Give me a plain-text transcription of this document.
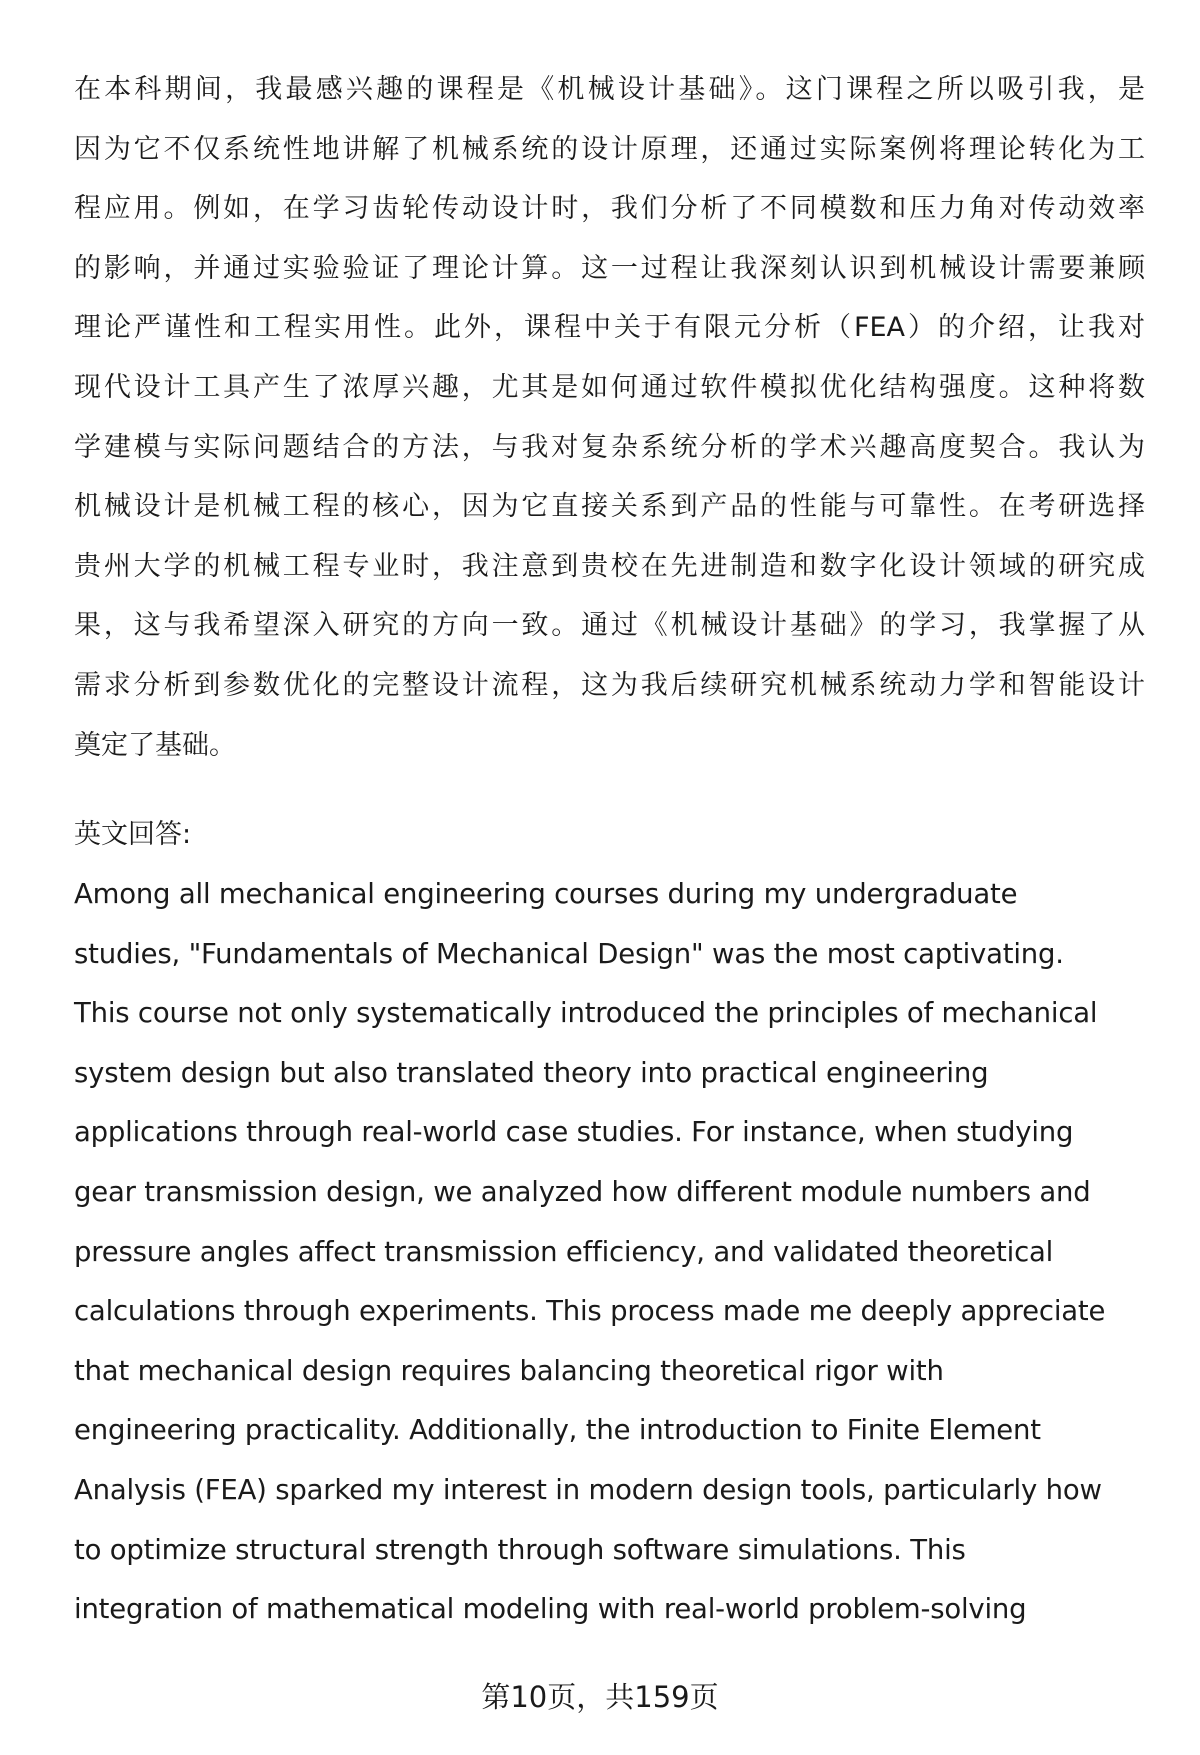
在本科期间，我最感兴趣的课程是《机械设计基础》。这门课程之所以吸引我，是
因为它不仅系统性地讲解了机械系统的设计原理，还通过实际案例将理论转化为工
程应用。例如，在学习齿轮传动设计时，我们分析了不同模数和压力角对传动效率
的影响，并通过实验验证了理论计算。这一过程让我深刻认识到机械设计需要兼顾
理论严谨性和工程实用性。此外，课程中关于有限元分析（FEA）的介绍，让我对
现代设计工具产生了浓厚兴趣，尤其是如何通过软件模拟优化结构强度。这种将数
学建模与实际问题结合的方法，与我对复杂系统分析的学术兴趣高度契合。我认为
机械设计是机械工程的核心，因为它直接关系到产品的性能与可靠性。在考研选择
贵州大学的机械工程专业时，我注意到贵校在先进制造和数字化设计领域的研究成
果，这与我希望深入研究的方向一致。通过《机械设计基础》的学习，我掌握了从
需求分析到参数优化的完整设计流程，这为我后续研究机械系统动力学和智能设计
奠定了基础。
英文回答:
Among all mechanical engineering courses during my undergraduate
studies, "Fundamentals of Mechanical Design" was the most captivating.
This course not only systematically introduced the principles of mechanical
system design but also translated theory into practical engineering
applications through real-world case studies. For instance, when studying
gear transmission design, we analyzed how different module numbers and
pressure angles affect transmission efficiency, and validated theoretical
calculations through experiments. This process made me deeply appreciate
that mechanical design requires balancing theoretical rigor with
engineering practicality. Additionally, the introduction to Finite Element
Analysis (FEA) sparked my interest in modern design tools, particularly how
to optimize structural strength through software simulations. This
integration of mathematical modeling with real-world problem-solving
第10页，共159页
